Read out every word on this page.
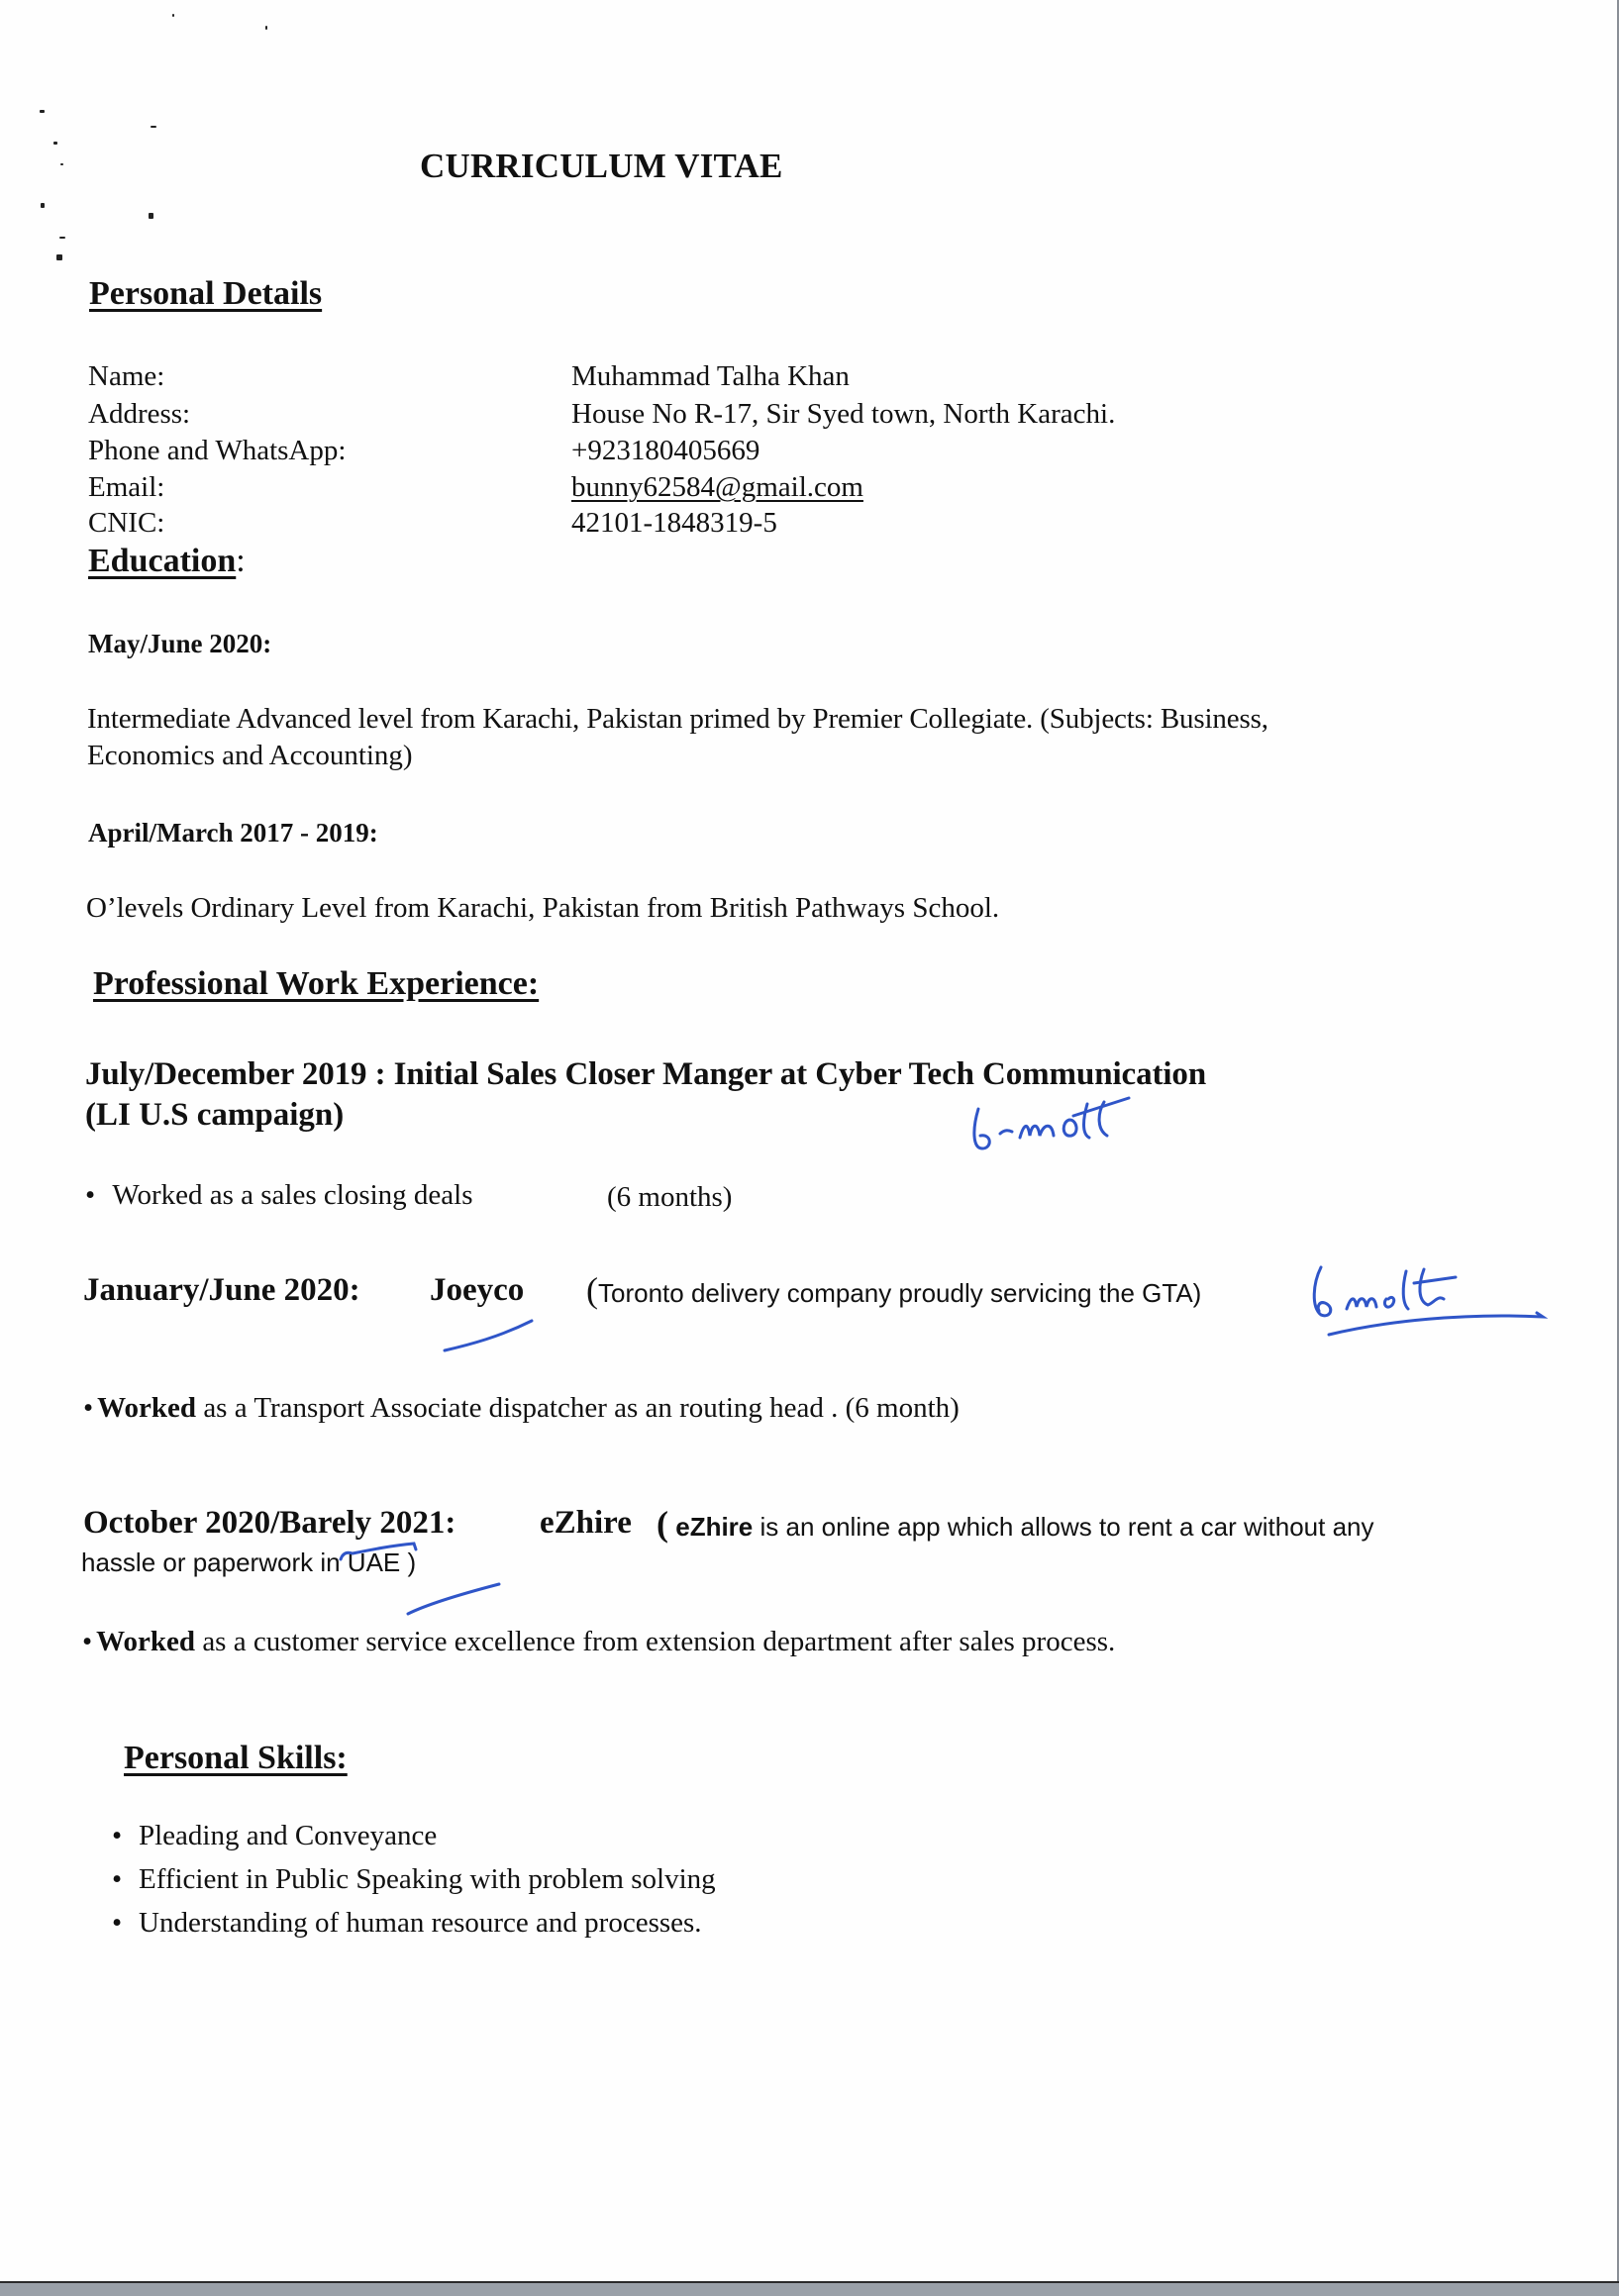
CURRICULUM VITAE
Personal Details
Name:	Muhammad Talha Khan
Address:	House No R-17, Sir Syed town, North Karachi.
Phone and WhatsApp:	+923180405669
Email:	bunny62584@gmail.com
CNIC:	42101-1848319-5
Education:
May/June 2020:
Intermediate Advanced level from Karachi, Pakistan primed by Premier Collegiate. (Subjects: Business,
Economics and Accounting)
April/March 2017 - 2019:
O’levels Ordinary Level from Karachi, Pakistan from British Pathways School.
Professional Work Experience:
July/December 2019 : Initial Sales Closer Manger at Cyber Tech Communication
(LI U.S campaign)
• Worked as a sales closing deals	(6 months)
January/June 2020: Joeyco (Toronto delivery company proudly servicing the GTA)
• Worked as a Transport Associate dispatcher as an routing head . (6 month)
October 2020/Barely 2021:	eZhire ( eZhire is an online app which allows to rent a car without any
hassle or paperwork in UAE )
• Worked as a customer service excellence from extension department after sales process.
Personal Skills:
• Pleading and Conveyance
• Efficient in Public Speaking with problem solving
• Understanding of human resource and processes.
